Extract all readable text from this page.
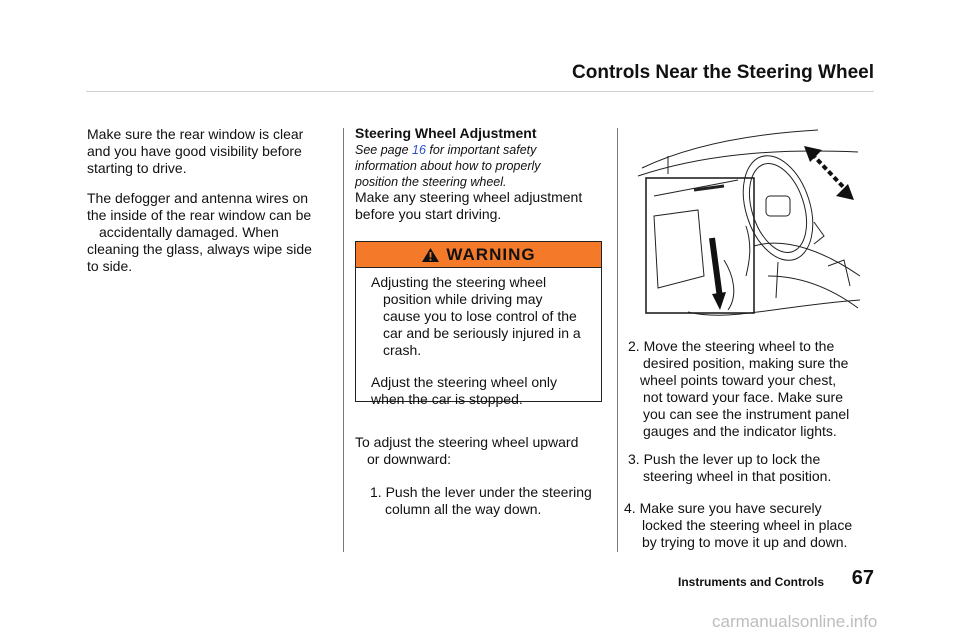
Controls Near the Steering Wheel
Make sure the rear window is clear
and you have good visibility before
starting to drive.
The defogger and antenna wires on
the inside of the rear window can be
accidentally damaged. When
cleaning the glass, always wipe side
to side.
Steering Wheel Adjustment
See page 16 for important safety
information about how to properly
position the steering wheel.
Make any steering wheel adjustment
before you start driving.
WARNING
Adjusting the steering wheel
position while driving may
cause you to lose control of the
car and be seriously injured in a
crash.
Adjust the steering wheel only
when the car is stopped.
To adjust the steering wheel upward
or downward:
1. Push the lever under the steering
column all the way down.
2. Move the steering wheel to the
desired position, making sure the
wheel points toward your chest,
not toward your face. Make sure
you can see the instrument panel
gauges and the indicator lights.
3. Push the lever up to lock the
steering wheel in that position.
4. Make sure you have securely
locked the steering wheel in place
by trying to move it up and down.
Instruments and Controls 67
carmanualsonline.info
